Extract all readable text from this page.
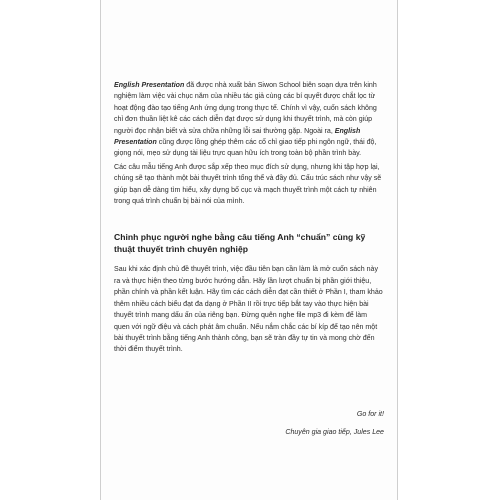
English Presentation đã được nhà xuất bản Siwon School biên soạn dựa trên kinh nghiệm làm việc vài chục năm của nhiều tác giả cùng các bí quyết được chắt lọc từ hoạt động đào tạo tiếng Anh ứng dụng trong thực tế. Chính vì vậy, cuốn sách không chỉ đơn thuần liệt kê các cách diễn đạt được sử dụng khi thuyết trình, mà còn giúp người đọc nhận biết và sửa chữa những lỗi sai thường gặp. Ngoài ra, English Presentation cũng được lồng ghép thêm các cố chỉ giao tiếp phi ngôn ngữ, thái độ, giọng nói, mẹo sử dụng tài liệu trực quan hữu ích trong toàn bộ phần trình bày.

Các câu mẫu tiếng Anh được sắp xếp theo mục đích sử dụng, nhưng khi tập hợp lại, chúng sẽ tạo thành một bài thuyết trình tổng thể và đầy đủ. Cấu trúc sách như vậy sẽ giúp bạn dễ dàng tìm hiểu, xây dựng bố cục và mạch thuyết trình một cách tự nhiên trong quá trình chuẩn bị bài nói của mình.

Chinh phục người nghe bằng câu tiếng Anh “chuẩn” cùng kỹ thuật thuyết trình chuyên nghiệp

Sau khi xác định chủ đề thuyết trình, việc đầu tiên bạn cần làm là mở cuốn sách này ra và thực hiện theo từng bước hướng dẫn. Hãy lần lượt chuẩn bị phần giới thiệu, phần chính và phần kết luận. Hãy tìm các cách diễn đạt cần thiết ở Phần I, tham khảo thêm nhiều cách biểu đạt đa dạng ở Phần II rồi trực tiếp bắt tay vào thực hiện bài thuyết trình mang dấu ấn của riêng bạn. Đừng quên nghe file mp3 đi kèm để làm quen với ngữ điệu và cách phát âm chuẩn. Nếu nắm chắc các bí kíp để tạo nên một bài thuyết trình bằng tiếng Anh thành công, bạn sẽ tràn đầy tự tin và mong chờ đến thời điểm thuyết trình.

Go for it!

Chuyên gia giao tiếp, Jules Lee
